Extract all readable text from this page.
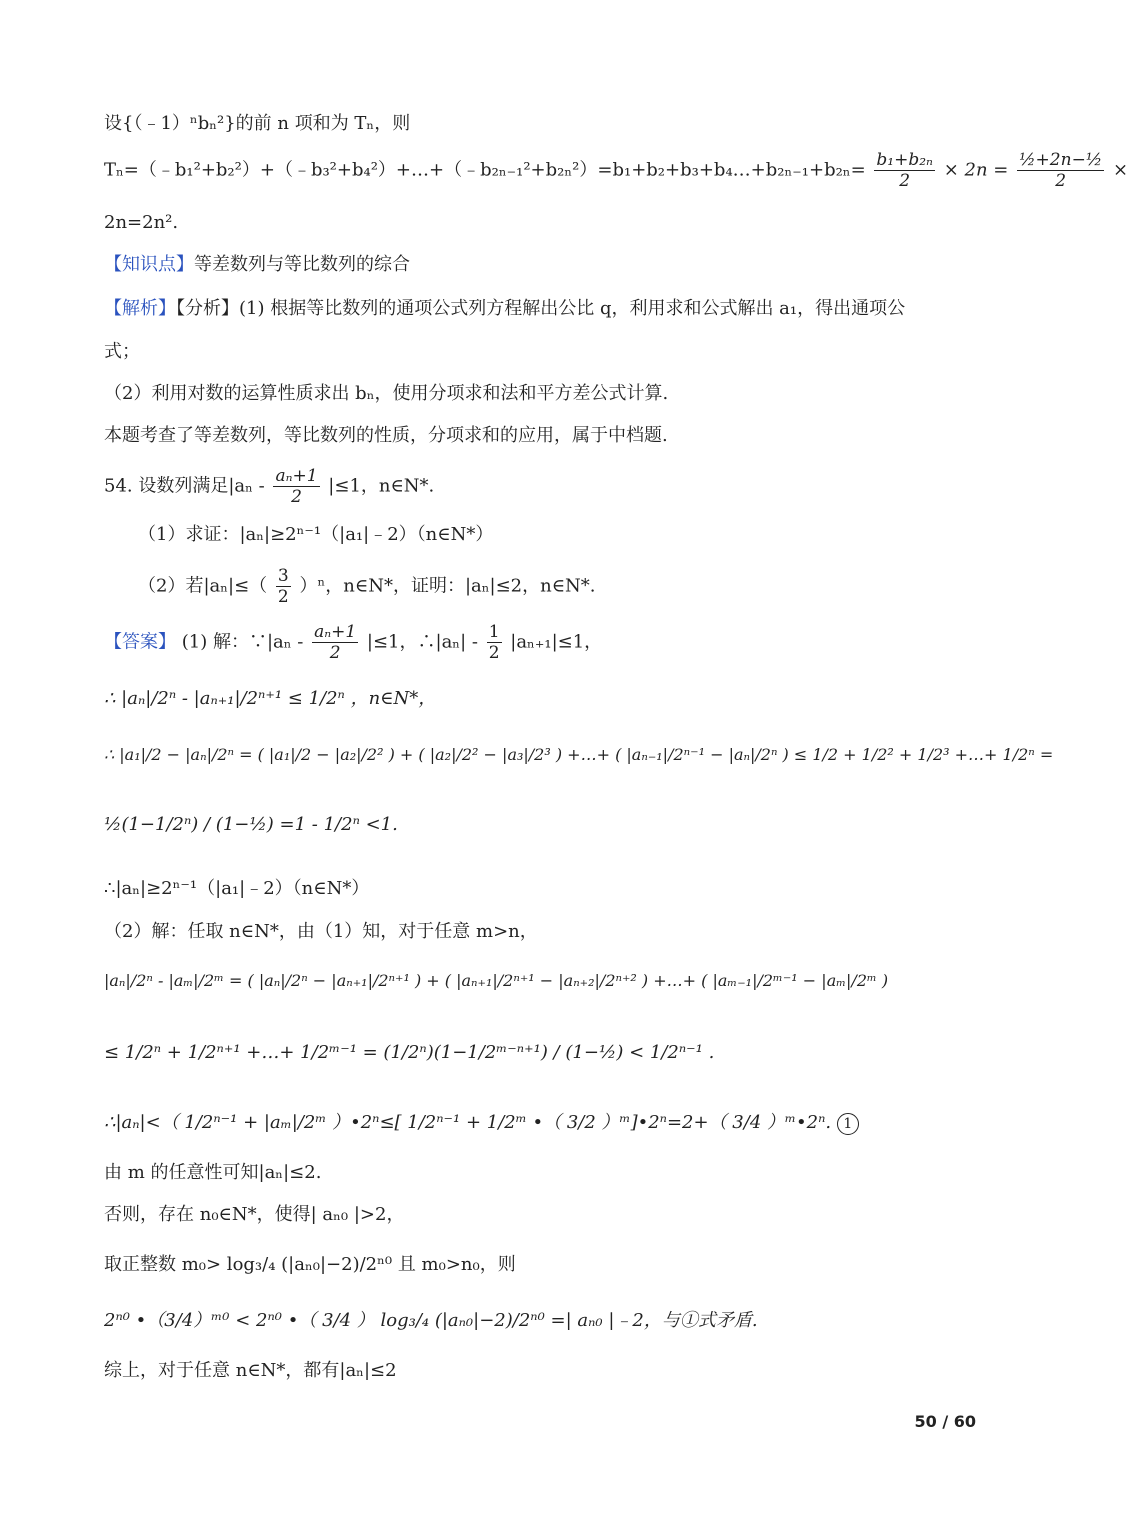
设{（﹣1）ⁿbₙ²}的前 n 项和为 Tₙ，则
Tₙ=（﹣b₁²+b₂²）+（﹣b₃²+b₄²）+…+（﹣b₂ₙ₋₁²+b₂ₙ²）=b₁+b₂+b₃+b₄…+b₂ₙ₋₁+b₂ₙ= $\frac{\text{b₁+b₂ₙ}}{2} \times 2n = \frac{\text{½+2n−½}}{2}$ ×
2n=2n².
【知识点】等差数列与等比数列的综合
【解析】【分析】(1) 根据等比数列的通项公式列方程解出公比 q，利用求和公式解出 a₁，得出通项公
式；
（2）利用对数的运算性质求出 bₙ，使用分项求和法和平方差公式计算.
本题考查了等差数列，等比数列的性质，分项求和的应用，属于中档题.
54. 设数列满足$|a_n - \frac{\text{aₙ+1}}{2} |\le 1$，n∈N*.
（1）求证：|aₙ|≥2ⁿ⁻¹（|a₁|﹣2）（n∈N*）
（2）若$|a_n|\le( \frac{3}{2} )^n$，n∈N*，证明：|aₙ|≤2，n∈N*.
【答案】 (1) 解：∵|aₙ - $\frac{\text{aₙ+1}}{2} |\le 1$，∴|aₙ| - $\frac{1}{2} |a_{n+1}|\le 1$，
∴ |aₙ|/2ⁿ - |aₙ₊₁|/2ⁿ⁺¹ ≤ 1/2ⁿ ，n∈N*，
∴ |a₁|/2 − |aₙ|/2ⁿ = ( |a₁|/2 − |a₂|/2² ) + ( |a₂|/2² − |a₃|/2³ ) +…+ ( |aₙ₋₁|/2ⁿ⁻¹ − |aₙ|/2ⁿ ) ≤ 1/2 + 1/2² + 1/2³ +…+ 1/2ⁿ =
½(1−1/2ⁿ) / (1−½) =1 - 1/2ⁿ <1.
∴|aₙ|≥2ⁿ⁻¹（|a₁|﹣2）（n∈N*）
（2）解：任取 n∈N*，由（1）知，对于任意 m>n，
|aₙ|/2ⁿ - |aₘ|/2ᵐ = ( |aₙ|/2ⁿ − |aₙ₊₁|/2ⁿ⁺¹ ) + ( |aₙ₊₁|/2ⁿ⁺¹ − |aₙ₊₂|/2ⁿ⁺² ) +…+ ( |aₘ₋₁|/2ᵐ⁻¹ − |aₘ|/2ᵐ )
≤ 1/2ⁿ + 1/2ⁿ⁺¹ +…+ 1/2ᵐ⁻¹ = (1/2ⁿ)(1−1/2ᵐ⁻ⁿ⁺¹) / (1−½) < 1/2ⁿ⁻¹ .
∴|aₙ|<（ 1/2ⁿ⁻¹ + |aₘ|/2ᵐ ）•2ⁿ≤[ 1/2ⁿ⁻¹ + 1/2ᵐ •（ 3/2 ）ᵐ]•2ⁿ=2+（ 3/4 ）ᵐ•2ⁿ. 1
由 m 的任意性可知|aₙ|≤2.
否则，存在 n₀∈N*，使得| aₙ₀ |>2，
取正整数 m₀> log₃/₄ (|aₙ₀|−2)/2ⁿ⁰ 且 m₀>n₀，则
2ⁿ⁰ •（3/4）ᵐ⁰ < 2ⁿ⁰ •（ 3/4 ） log₃/₄ (|aₙ₀|−2)/2ⁿ⁰ =| aₙ₀ |﹣2，与①式矛盾.
综上，对于任意 n∈N*，都有|aₙ|≤2
50 / 60
